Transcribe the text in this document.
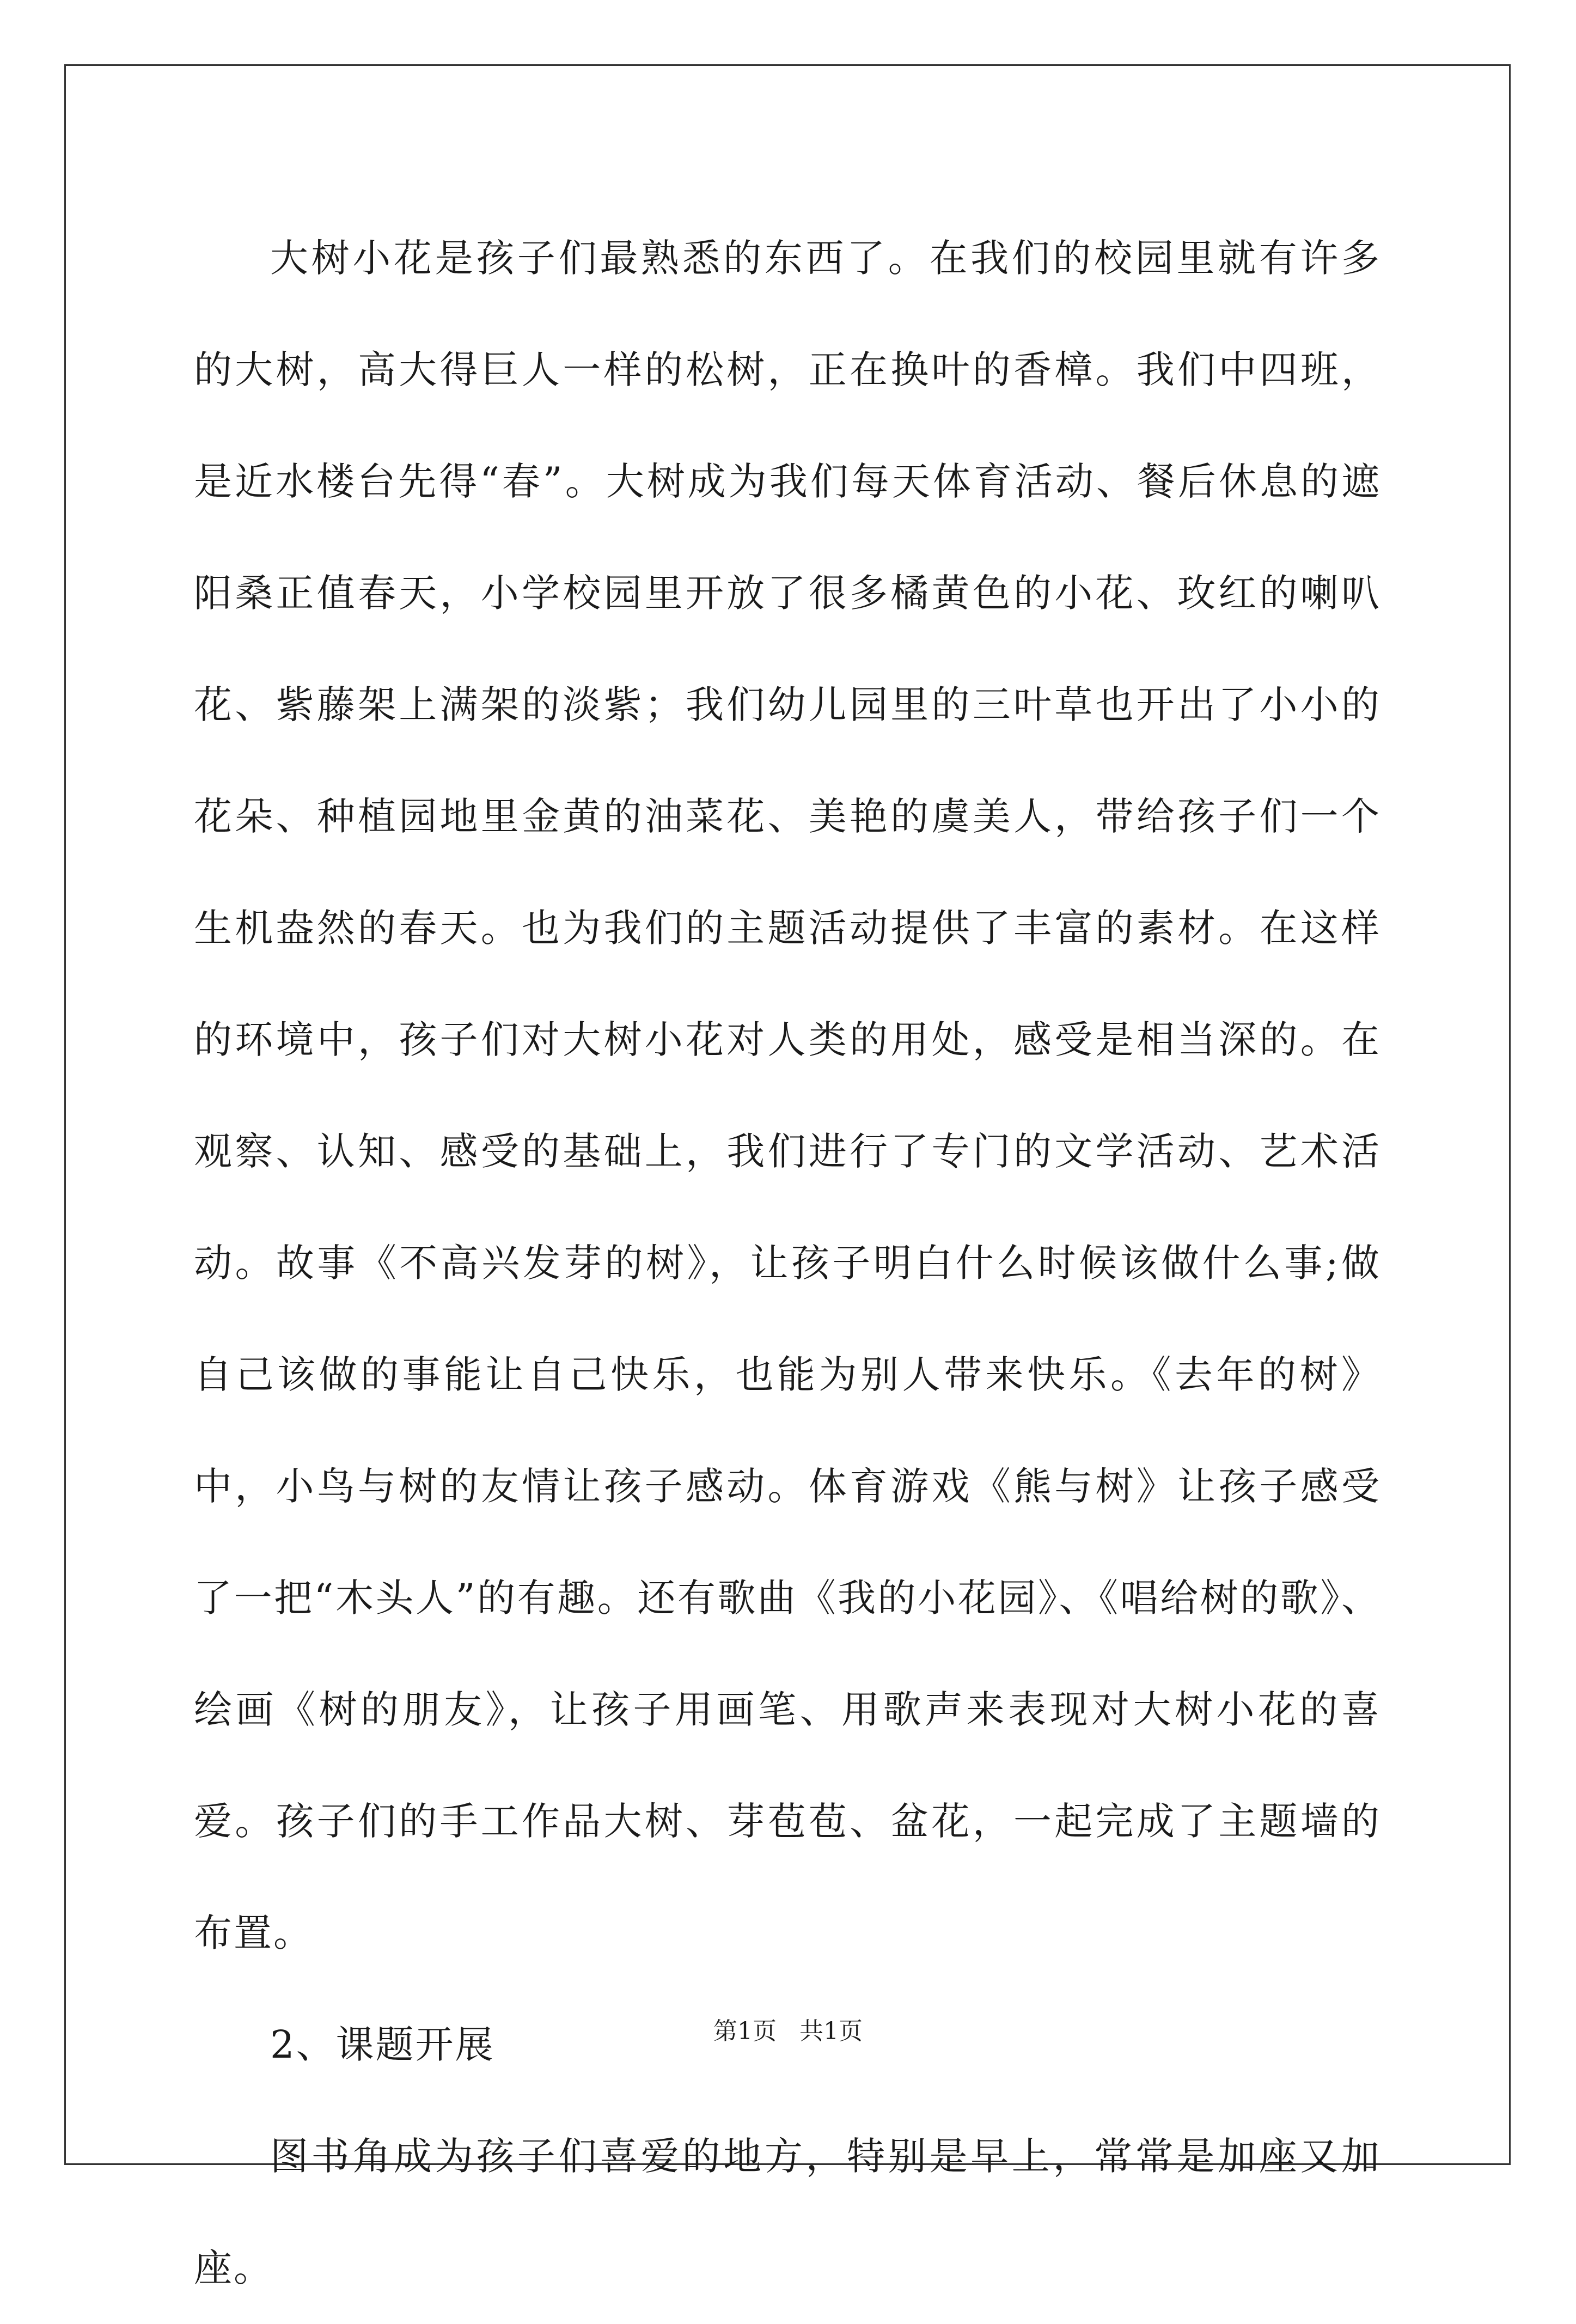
大树小花是孩子们最熟悉的东西了。在我们的校园里就有许多的大树，高大得巨人一样的松树，正在换叶的香樟。我们中四班，是近水楼台先得“春”。大树成为我们每天体育活动、餐后休息的遮阳桑正值春天，小学校园里开放了很多橘黄色的小花、玫红的喇叭花、紫藤架上满架的淡紫；我们幼儿园里的三叶草也开出了小小的花朵、种植园地里金黄的油菜花、美艳的虞美人，带给孩子们一个生机盎然的春天。也为我们的主题活动提供了丰富的素材。在这样的环境中，孩子们对大树小花对人类的用处，感受是相当深的。在观察、认知、感受的基础上，我们进行了专门的文学活动、艺术活动。故事《不高兴发芽的树》，让孩子明白什么时候该做什么事;做自己该做的事能让自己快乐，也能为别人带来快乐。《去年的树》中，小鸟与树的友情让孩子感动。体育游戏《熊与树》让孩子感受了一把“木头人”的有趣。还有歌曲《我的小花园》、《唱给树的歌》、绘画《树的朋友》，让孩子用画笔、用歌声来表现对大树小花的喜爱。孩子们的手工作品大树、芽苞苞、盆花，一起完成了主题墙的布置。

2、课题开展

图书角成为孩子们喜爱的地方，特别是早上，常常是加座又加座。

第1页   共1页
